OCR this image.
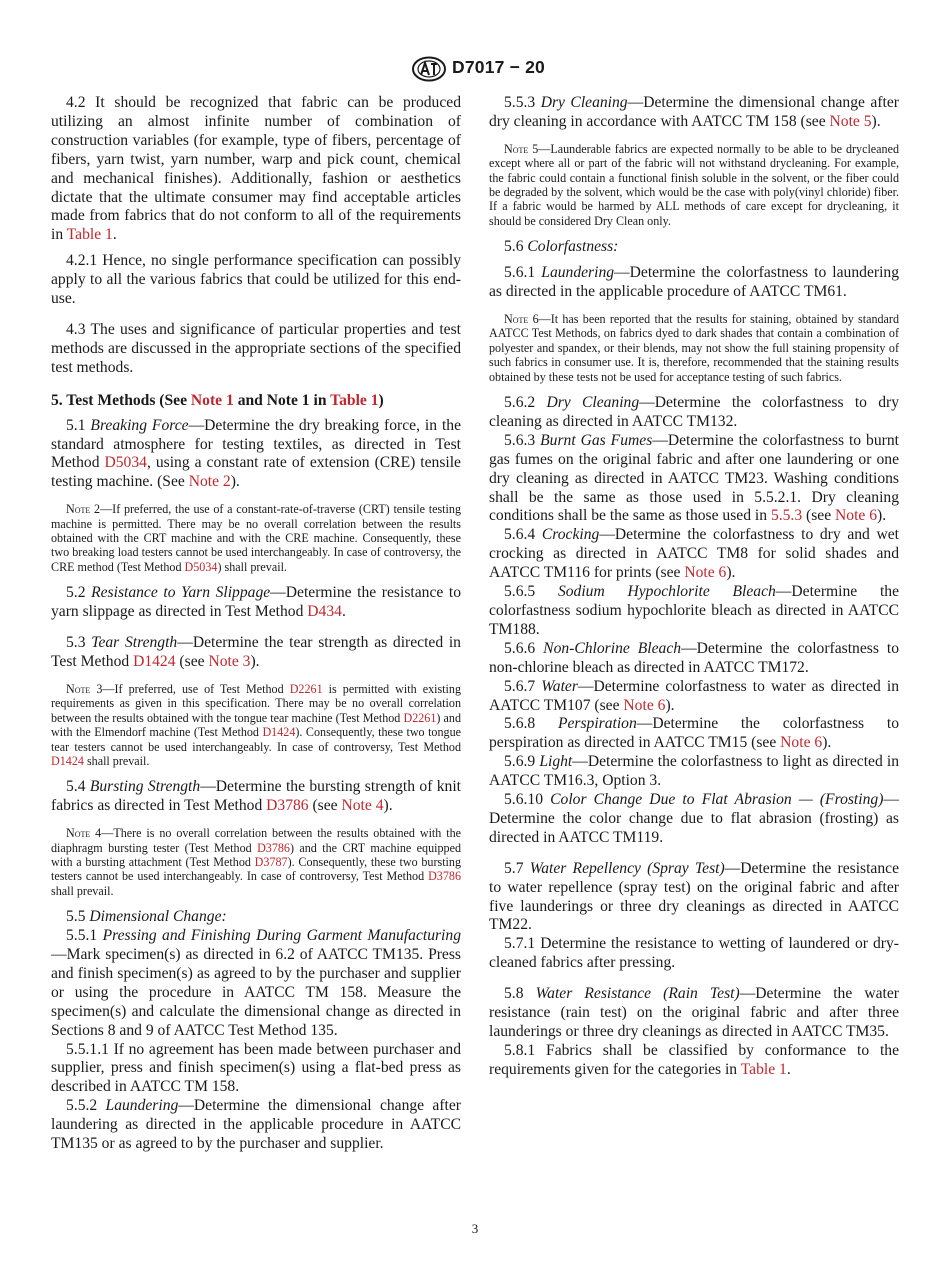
D7017 − 20

4.2 It should be recognized that fabric can be produced utilizing an almost infinite number of combination of construction variables (for example, type of fibers, percentage of fibers, yarn twist, yarn number, warp and pick count, chemical and mechanical finishes). Additionally, fashion or aesthetics dictate that the ultimate consumer may find acceptable articles made from fabrics that do not conform to all of the requirements in Table 1.

4.2.1 Hence, no single performance specification can possibly apply to all the various fabrics that could be utilized for this end-use.

4.3 The uses and significance of particular properties and test methods are discussed in the appropriate sections of the specified test methods.

5. Test Methods (See Note 1 and Note 1 in Table 1)

5.1 Breaking Force—Determine the dry breaking force, in the standard atmosphere for testing textiles, as directed in Test Method D5034, using a constant rate of extension (CRE) tensile testing machine. (See Note 2).

Note 2—If preferred, the use of a constant-rate-of-traverse (CRT) tensile testing machine is permitted. There may be no overall correlation between the results obtained with the CRT machine and with the CRE machine. Consequently, these two breaking load testers cannot be used interchangeably. In case of controversy, the CRE method (Test Method D5034) shall prevail.

5.2 Resistance to Yarn Slippage—Determine the resistance to yarn slippage as directed in Test Method D434.

5.3 Tear Strength—Determine the tear strength as directed in Test Method D1424 (see Note 3).

Note 3—If preferred, use of Test Method D2261 is permitted with existing requirements as given in this specification. There may be no overall correlation between the results obtained with the tongue tear machine (Test Method D2261) and with the Elmendorf machine (Test Method D1424). Consequently, these two tongue tear testers cannot be used interchangeably. In case of controversy, Test Method D1424 shall prevail.

5.4 Bursting Strength—Determine the bursting strength of knit fabrics as directed in Test Method D3786 (see Note 4).

Note 4—There is no overall correlation between the results obtained with the diaphragm bursting tester (Test Method D3786) and the CRT machine equipped with a bursting attachment (Test Method D3787). Consequently, these two bursting testers cannot be used interchangeably. In case of controversy, Test Method D3786 shall prevail.

5.5 Dimensional Change:

5.5.1 Pressing and Finishing During Garment Manufacturing—Mark specimen(s) as directed in 6.2 of AATCC TM135. Press and finish specimen(s) as agreed to by the purchaser and supplier or using the procedure in AATCC TM 158. Measure the specimen(s) and calculate the dimensional change as directed in Sections 8 and 9 of AATCC Test Method 135.

5.5.1.1 If no agreement has been made between purchaser and supplier, press and finish specimen(s) using a flat-bed press as described in AATCC TM 158.

5.5.2 Laundering—Determine the dimensional change after laundering as directed in the applicable procedure in AATCC TM135 or as agreed to by the purchaser and supplier.

5.5.3 Dry Cleaning—Determine the dimensional change after dry cleaning in accordance with AATCC TM 158 (see Note 5).

Note 5—Launderable fabrics are expected normally to be able to be drycleaned except where all or part of the fabric will not withstand drycleaning. For example, the fabric could contain a functional finish soluble in the solvent, or the fiber could be degraded by the solvent, which would be the case with poly(vinyl chloride) fiber. If a fabric would be harmed by ALL methods of care except for drycleaning, it should be considered Dry Clean only.

5.6 Colorfastness:

5.6.1 Laundering—Determine the colorfastness to laundering as directed in the applicable procedure of AATCC TM61.

Note 6—It has been reported that the results for staining, obtained by standard AATCC Test Methods, on fabrics dyed to dark shades that contain a combination of polyester and spandex, or their blends, may not show the full staining propensity of such fabrics in consumer use. It is, therefore, recommended that the staining results obtained by these tests not be used for acceptance testing of such fabrics.

5.6.2 Dry Cleaning—Determine the colorfastness to dry cleaning as directed in AATCC TM132.

5.6.3 Burnt Gas Fumes—Determine the colorfastness to burnt gas fumes on the original fabric and after one laundering or one dry cleaning as directed in AATCC TM23. Washing conditions shall be the same as those used in 5.5.2.1. Dry cleaning conditions shall be the same as those used in 5.5.3 (see Note 6).

5.6.4 Crocking—Determine the colorfastness to dry and wet crocking as directed in AATCC TM8 for solid shades and AATCC TM116 for prints (see Note 6).

5.6.5 Sodium Hypochlorite Bleach—Determine the colorfastness sodium hypochlorite bleach as directed in AATCC TM188.

5.6.6 Non-Chlorine Bleach—Determine the colorfastness to non-chlorine bleach as directed in AATCC TM172.

5.6.7 Water—Determine colorfastness to water as directed in AATCC TM107 (see Note 6).

5.6.8 Perspiration—Determine the colorfastness to perspiration as directed in AATCC TM15 (see Note 6).

5.6.9 Light—Determine the colorfastness to light as directed in AATCC TM16.3, Option 3.

5.6.10 Color Change Due to Flat Abrasion — (Frosting)—Determine the color change due to flat abrasion (frosting) as directed in AATCC TM119.

5.7 Water Repellency (Spray Test)—Determine the resistance to water repellence (spray test) on the original fabric and after five launderings or three dry cleanings as directed in AATCC TM22.

5.7.1 Determine the resistance to wetting of laundered or dry-cleaned fabrics after pressing.

5.8 Water Resistance (Rain Test)—Determine the water resistance (rain test) on the original fabric and after three launderings or three dry cleanings as directed in AATCC TM35.

5.8.1 Fabrics shall be classified by conformance to the requirements given for the categories in Table 1.

3
